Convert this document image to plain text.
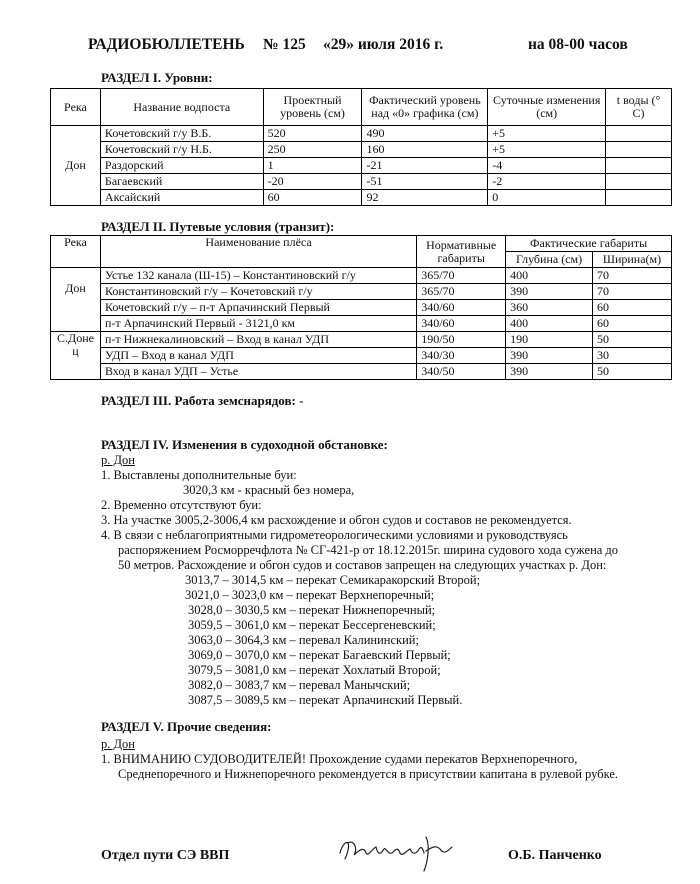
РАДИОБЮЛЛЕТЕНЬ № 125 «29» июля 2016 г.	на 08-00 часов
РАЗДЕЛ I. Уровни:
Река	Название водпоста	Проектный уровень (см)	Фактический уровень над «0» графика (см)	Суточные изменения (см)	t воды (° C)
Дон	Кочетовский г/у В.Б.	520	490	+5	
	Кочетовский г/у Н.Б.	250	160	+5	
	Раздорский	1	-21	-4	
	Багаевский	-20	-51	-2	
	Аксайский	60	92	0	
РАЗДЕЛ II. Путевые условия (транзит):
Река	Наименование плёса	Нормативные габариты	Фактические габариты	
			Глубина (см)	Ширина(м)
Дон	Устье 132 канала (Ш-15) – Константиновский г/у	365/70	400	70
	Константиновский г/у – Кочетовский г/у	365/70	390	70
	Кочетовский г/у – п-т Арпачинский Первый	340/60	360	60
	п-т Арпачинский Первый - 3121,0 км	340/60	400	60

С.Доне
ц	п-т Нижнекалиновский – Вход в канал УДП	190/50	190	50
	УДП – Вход в канал УДП	340/30	390	30
	Вход в канал УДП – Устье	340/50	390	50
РАЗДЕЛ III. Работа земснарядов: -
РАЗДЕЛ IV. Изменения в судоходной обстановке:
р. Дон
1. Выставлены дополнительные буи:
3020,3 км - красный без номера,
2. Временно отсутствуют буи:
3. На участке 3005,2-3006,4 км расхождение и обгон судов и составов не рекомендуется.
4. В связи с неблагоприятными гидрометеорологическими условиями и руководствуясь
распоряжением Росморречфлота № СГ-421-р от 18.12.2015г. ширина судового хода сужена до
50 метров. Расхождение и обгон судов и составов запрещен на следующих участках р. Дон:
3013,7 – 3014,5 км – перекат Семикаракорский Второй;
3021,0 – 3023,0 км – перекат Верхнепоречный;
3028,0 – 3030,5 км – перекат Нижнепоречный;
3059,5 – 3061,0 км – перекат Бессергеневский;
3063,0 – 3064,3 км – перевал Калининский;
3069,0 – 3070,0 км – перекат Багаевский Первый;
3079,5 – 3081,0 км – перекат Хохлатый Второй;
3082,0 – 3083,7 км – перевал Манычский;
3087,5 – 3089,5 км – перекат Арпачинский Первый.
РАЗДЕЛ V. Прочие сведения:
р. Дон
1. ВНИМАНИЮ СУДОВОДИТЕЛЕЙ! Прохождение судами перекатов Верхнепоречного,
Среднепоречного и Нижнепоречного рекомендуется в присутствии капитана в рулевой рубке.
Отдел пути СЭ ВВП	О.Б. Панченко
